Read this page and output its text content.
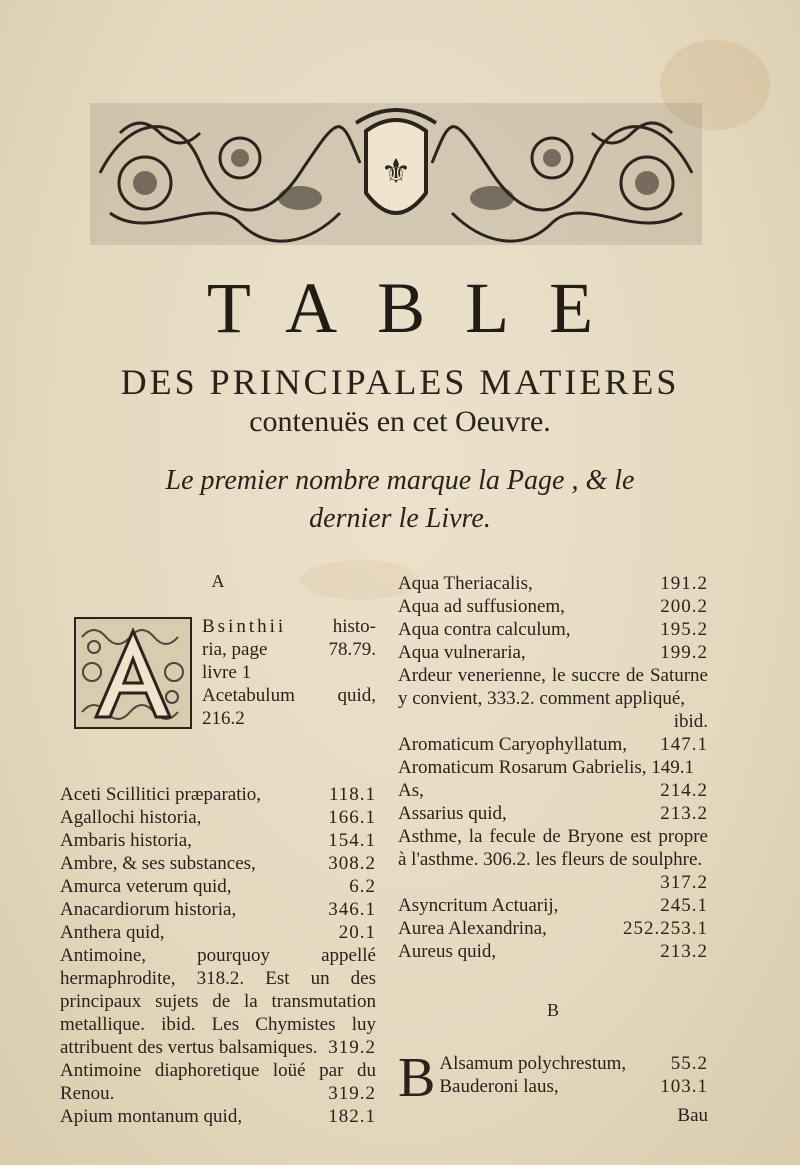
⚜
TABLE
DES PRINCIPALES MATIERES
contenuës en cet Oeuvre.
Le premier nombre marque la Page , & le
dernier le Livre.
A
Bsinthii histo-
ria, page	78.79.
livre 1
Acetabulum quid,
216.2
Aceti Scillitici præparatio,	118.1
Agallochi historia,	166.1
Ambaris historia,	154.1
Ambre, & ses substances,	308.2
Amurca veterum quid,	6.2
Anacardiorum historia,	346.1
Anthera quid,	20.1
Antimoine, pourquoy appellé hermaphrodite, 318.2. Est un des principaux sujets de la transmutation metallique. ibid. Les Chymistes luy attribuent des vertus balsamiques. 319.2
Antimoine diaphoretique loüé par du Renou.	319.2
Apium montanum quid,	182.1
Aqua Theriacalis,	191.2
Aqua ad suffusionem,	200.2
Aqua contra calculum,	195.2
Aqua vulneraria,	199.2
Ardeur venerienne, le succre de Saturne y convient, 333.2. comment appliqué,
ibid.
Aromaticum Caryophyllatum,	147.1
Aromaticum Rosarum Gabrielis, 149.1
As,	214.2
Assarius quid,	213.2
Asthme, la fecule de Bryone est propre à l'asthme. 306.2. les fleurs de soulphre.
317.2
Asyncritum Actuarij,	245.1
Aurea Alexandrina,	252.253.1
Aureus quid,	213.2
B
B Alsamum polychrestum,	55.2
Bauderoni laus,	103.1
Bau
